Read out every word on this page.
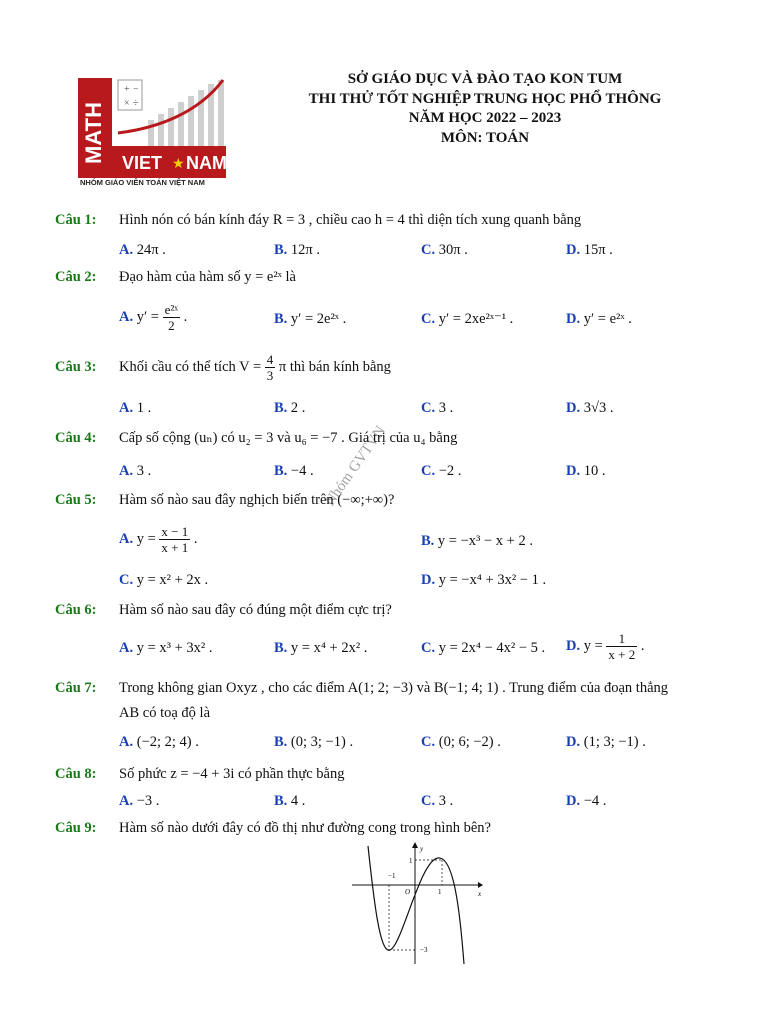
MATH
+ −
× ÷
VIET ★ NAM
NHÓM GIÁO VIÊN TOÁN VIỆT NAM
SỞ GIÁO DỤC VÀ ĐÀO TẠO KON TUM
THI THỬ TỐT NGHIỆP TRUNG HỌC PHỔ THÔNG
NĂM HỌC 2022 – 2023
MÔN: TOÁN
Nhóm GVTVN
Câu 1: Hình nón có bán kính đáy R = 3 , chiều cao h = 4 thì diện tích xung quanh bằng
A. 24π .	B. 12π .	C. 30π .	D. 15π .
Câu 2: Đạo hàm của hàm số y = e²ˣ là
A. $y' = \frac{\text{e²ˣ}}{2}$ .	B. y′ = 2e²ˣ .	C. y′ = 2xe²ˣ⁻¹ .	D. y′ = e²ˣ .
Câu 3: Khối cầu có thể tích $V = \frac{4}{3}$ π thì bán kính bằng
A. 1 .	B. 2 .	C. 3 .	D. 3√3 .
Câu 4: Cấp số cộng (uₙ) có u₂ = 3 và u₆ = −7 . Giá trị của u₄ bằng
A. 3 .	B. −4 .	C. −2 .	D. 10 .
Câu 5: Hàm số nào sau đây nghịch biến trên (−∞;+∞)?
A. $y = \frac{x - 1}{x + 1}$ .	B. y = −x³ − x + 2 .
C. y = x² + 2x .	D. y = −x⁴ + 3x² − 1 .
Câu 6: Hàm số nào sau đây có đúng một điểm cực trị?
A. y = x³ + 3x² .	B. y = x⁴ + 2x² .	C. y = 2x⁴ − 4x² − 5 . D. $y = \frac{1}{x + 2}$ .
Câu 7: Trong không gian Oxyz , cho các điểm A(1; 2; −3) và B(−1; 4; 1) . Trung điểm của đoạn thẳng
AB có toạ độ là
A. (−2; 2; 4) .	B. (0; 3; −1) .	C. (0; 6; −2) .	D. (1; 3; −1) .
Câu 8: Số phức z = −4 + 3i có phần thực bằng
A. −3 .	B. 4 .	C. 3 .	D. −4 .
Câu 9: Hàm số nào dưới đây có đồ thị như đường cong trong hình bên?
x
y
O
1
−3
−1
1
